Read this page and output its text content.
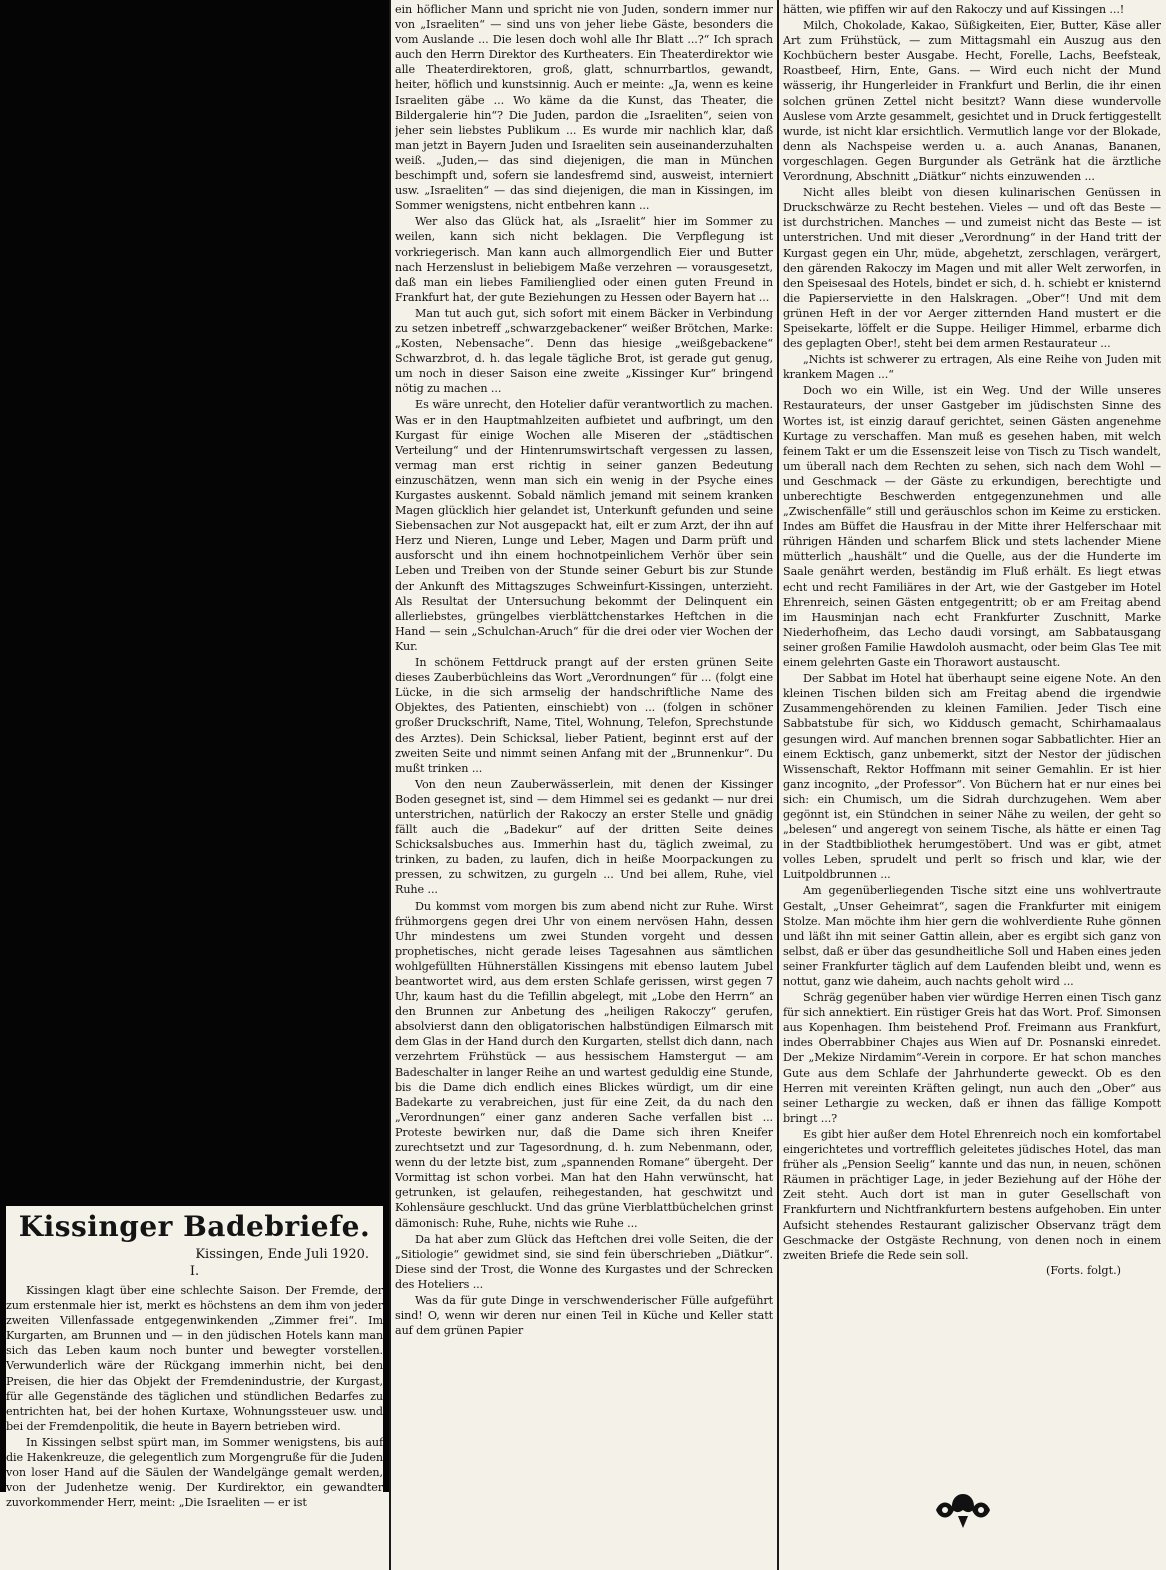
Kissinger Badebriefe.
Kissingen, Ende Juli 1920.
I.

Kissingen klagt über eine schlechte Saison. Der Fremde, der zum erstenmale hier ist, merkt es höchstens an dem ihm von jeder zweiten Villenfassade entgegenwinkenden „Zimmer frei“. Im Kurgarten, am Brunnen und — in den jüdischen Hotels kann man sich das Leben kaum noch bunter und bewegter vorstellen. Verwunderlich wäre der Rückgang immerhin nicht, bei den Preisen, die hier das Objekt der Fremdenindustrie, der Kurgast, für alle Gegenstände des täglichen und stündlichen Bedarfes zu entrichten hat, bei der hohen Kurtaxe, Wohnungssteuer usw. und bei der Fremdenpolitik, die heute in Bayern betrieben wird.

In Kissingen selbst spürt man, im Sommer wenigstens, bis auf die Hakenkreuze, die gelegentlich zum Morgengruße für die Juden von loser Hand auf die Säulen der Wandelgänge gemalt werden, von der Judenhetze wenig. Der Kurdirektor, ein gewandter zuvorkommender Herr, meint: „Die Israeliten — er ist

ein höflicher Mann und spricht nie von Juden, sondern immer nur von „Israeliten“ — sind uns von jeher liebe Gäste, besonders die vom Auslande ... Die lesen doch wohl alle Ihr Blatt ...?“ Ich sprach auch den Herrn Direktor des Kurtheaters. Ein Theaterdirektor wie alle Theaterdirektoren, groß, glatt, schnurrbartlos, gewandt, heiter, höflich und kunstsinnig. Auch er meinte: „Ja, wenn es keine Israeliten gäbe ... Wo käme da die Kunst, das Theater, die Bildergalerie hin“? Die Juden, pardon die „Israeliten“, seien von jeher sein liebstes Publikum ... Es wurde mir nachlich klar, daß man jetzt in Bayern Juden und Israeliten sein auseinanderzuhalten weiß. „Juden,— das sind diejenigen, die man in München beschimpft und, sofern sie landesfremd sind, ausweist, interniert usw. „Israeliten“ — das sind diejenigen, die man in Kissingen, im Sommer wenigstens, nicht entbehren kann ...

Wer also das Glück hat, als „Israelit“ hier im Sommer zu weilen, kann sich nicht beklagen. Die Verpflegung ist vorkriegerisch. Man kann auch allmorgendlich Eier und Butter nach Herzenslust in beliebigem Maße verzehren — vorausgesetzt, daß man ein liebes Familienglied oder einen guten Freund in Frankfurt hat, der gute Beziehungen zu Hessen oder Bayern hat ...

Man tut auch gut, sich sofort mit einem Bäcker in Verbindung zu setzen inbetreff „schwarzgebackener“ weißer Brötchen, Marke: „Kosten, Nebensache“. Denn das hiesige „weißgebackene“ Schwarzbrot, d. h. das legale tägliche Brot, ist gerade gut genug, um noch in dieser Saison eine zweite „Kissinger Kur“ bringend nötig zu machen ...

Es wäre unrecht, den Hotelier dafür verantwortlich zu machen. Was er in den Hauptmahlzeiten aufbietet und aufbringt, um den Kurgast für einige Wochen alle Miseren der „städtischen Verteilung“ und der Hintenrumswirtschaft vergessen zu lassen, vermag man erst richtig in seiner ganzen Bedeutung einzuschätzen, wenn man sich ein wenig in der Psyche eines Kurgastes auskennt. Sobald nämlich jemand mit seinem kranken Magen glücklich hier gelandet ist, Unterkunft gefunden und seine Siebensachen zur Not ausgepackt hat, eilt er zum Arzt, der ihn auf Herz und Nieren, Lunge und Leber, Magen und Darm prüft und ausforscht und ihn einem hochnotpeinlichem Verhör über sein Leben und Treiben von der Stunde seiner Geburt bis zur Stunde der Ankunft des Mittagszuges Schweinfurt-Kissingen, unterzieht. Als Resultat der Untersuchung bekommt der Delinquent ein allerliebstes, grüngelbes vierblättchenstarkes Heftchen in die Hand — sein „Schulchan-Aruch“ für die drei oder vier Wochen der Kur.

In schönem Fettdruck prangt auf der ersten grünen Seite dieses Zauberbüchleins das Wort „Verordnungen“ für ... (folgt eine Lücke, in die sich armselig der handschriftliche Name des Objektes, des Patienten, einschiebt) von ... (folgen in schöner großer Druckschrift, Name, Titel, Wohnung, Telefon, Sprechstunde des Arztes). Dein Schicksal, lieber Patient, beginnt erst auf der zweiten Seite und nimmt seinen Anfang mit der „Brunnenkur“. Du mußt trinken ...

Von den neun Zauberwässerlein, mit denen der Kissinger Boden gesegnet ist, sind — dem Himmel sei es gedankt — nur drei unterstrichen, natürlich der Rakoczy an erster Stelle und gnädig fällt auch die „Badekur“ auf der dritten Seite deines Schicksalsbuches aus. Immerhin hast du, täglich zweimal, zu trinken, zu baden, zu laufen, dich in heiße Moorpackungen zu pressen, zu schwitzen, zu gurgeln ... Und bei allem, Ruhe, viel Ruhe ...

Du kommst vom morgen bis zum abend nicht zur Ruhe. Wirst frühmorgens gegen drei Uhr von einem nervösen Hahn, dessen Uhr mindestens um zwei Stunden vorgeht und dessen prophetisches, nicht gerade leises Tagesahnen aus sämtlichen wohlgefüllten Hühnerställen Kissingens mit ebenso lautem Jubel beantwortet wird, aus dem ersten Schlafe gerissen, wirst gegen 7 Uhr, kaum hast du die Tefillin abgelegt, mit „Lobe den Herrn“ an den Brunnen zur Anbetung des „heiligen Rakoczy“ gerufen, absolvierst dann den obligatorischen halbstündigen Eilmarsch mit dem Glas in der Hand durch den Kurgarten, stellst dich dann, nach verzehrtem Frühstück — aus hessischem Hamstergut — am Badeschalter in langer Reihe an und wartest geduldig eine Stunde, bis die Dame dich endlich eines Blickes würdigt, um dir eine Badekarte zu verabreichen, just für eine Zeit, da du nach den „Verordnungen“ einer ganz anderen Sache verfallen bist ... Proteste bewirken nur, daß die Dame sich ihren Kneifer zurechtsetzt und zur Tagesordnung, d. h. zum Nebenmann, oder, wenn du der letzte bist, zum „spannenden Romane“ übergeht. Der Vormittag ist schon vorbei. Man hat den Hahn verwünscht, hat getrunken, ist gelaufen, reihegestanden, hat geschwitzt und Kohlensäure geschluckt. Und das grüne Vierblattbüchelchen grinst dämonisch: Ruhe, Ruhe, nichts wie Ruhe ...

Da hat aber zum Glück das Heftchen drei volle Seiten, die der „Sitiologie“ gewidmet sind, sie sind fein überschrieben „Diätkur“. Diese sind der Trost, die Wonne des Kurgastes und der Schrecken des Hoteliers ...

Was da für gute Dinge in verschwenderischer Fülle aufgeführt sind! O, wenn wir deren nur einen Teil in Küche und Keller statt auf dem grünen Papier

hätten, wie pfiffen wir auf den Rakoczy und auf Kissingen ...!

Milch, Chokolade, Kakao, Süßigkeiten, Eier, Butter, Käse aller Art zum Frühstück, — zum Mittagsmahl ein Auszug aus den Kochbüchern bester Ausgabe. Hecht, Forelle, Lachs, Beefsteak, Roastbeef, Hirn, Ente, Gans. — Wird euch nicht der Mund wässerig, ihr Hungerleider in Frankfurt und Berlin, die ihr einen solchen grünen Zettel nicht besitzt? Wann diese wundervolle Auslese vom Arzte gesammelt, gesichtet und in Druck fertiggestellt wurde, ist nicht klar ersichtlich. Vermutlich lange vor der Blokade, denn als Nachspeise werden u. a. auch Ananas, Bananen, vorgeschlagen. Gegen Burgunder als Getränk hat die ärztliche Verordnung, Abschnitt „Diätkur“ nichts einzuwenden ...

Nicht alles bleibt von diesen kulinarischen Genüssen in Druckschwärze zu Recht bestehen. Vieles — und oft das Beste — ist durchstrichen. Manches — und zumeist nicht das Beste — ist unterstrichen. Und mit dieser „Verordnung“ in der Hand tritt der Kurgast gegen ein Uhr, müde, abgehetzt, zerschlagen, verärgert, den gärenden Rakoczy im Magen und mit aller Welt zerworfen, in den Speisesaal des Hotels, bindet er sich, d. h. schiebt er knisternd die Papierserviette in den Halskragen. „Ober“! Und mit dem grünen Heft in der vor Aerger zitternden Hand mustert er die Speisekarte, löffelt er die Suppe. Heiliger Himmel, erbarme dich des geplagten Ober!, steht bei dem armen Restaurateur ...

„Nichts ist schwerer zu ertragen, Als eine Reihe von Juden mit krankem Magen ...“

Doch wo ein Wille, ist ein Weg. Und der Wille unseres Restaurateurs, der unser Gastgeber im jüdischsten Sinne des Wortes ist, ist einzig darauf gerichtet, seinen Gästen angenehme Kurtage zu verschaffen. Man muß es gesehen haben, mit welch feinem Takt er um die Essenszeit leise von Tisch zu Tisch wandelt, um überall nach dem Rechten zu sehen, sich nach dem Wohl — und Geschmack — der Gäste zu erkundigen, berechtigte und unberechtigte Beschwerden entgegenzunehmen und alle „Zwischenfälle“ still und geräuschlos schon im Keime zu ersticken. Indes am Büffet die Hausfrau in der Mitte ihrer Helferschaar mit rührigen Händen und scharfem Blick und stets lachender Miene mütterlich „haushält“ und die Quelle, aus der die Hunderte im Saale genährt werden, beständig im Fluß erhält. Es liegt etwas echt und recht Familiäres in der Art, wie der Gastgeber im Hotel Ehrenreich, seinen Gästen entgegentritt; ob er am Freitag abend im Hausminjan nach echt Frankfurter Zuschnitt, Marke Niederhofheim, das Lecho daudi vorsingt, am Sabbatausgang seiner großen Familie Hawdoloh ausmacht, oder beim Glas Tee mit einem gelehrten Gaste ein Thorawort austauscht.

Der Sabbat im Hotel hat überhaupt seine eigene Note. An den kleinen Tischen bilden sich am Freitag abend die irgendwie Zusammengehörenden zu kleinen Familien. Jeder Tisch eine Sabbatstube für sich, wo Kiddusch gemacht, Schirhamaalaus gesungen wird. Auf manchen brennen sogar Sabbatlichter. Hier an einem Ecktisch, ganz unbemerkt, sitzt der Nestor der jüdischen Wissenschaft, Rektor Hoffmann mit seiner Gemahlin. Er ist hier ganz incognito, „der Professor“. Von Büchern hat er nur eines bei sich: ein Chumisch, um die Sidrah durchzugehen. Wem aber gegönnt ist, ein Stündchen in seiner Nähe zu weilen, der geht so „belesen“ und angeregt von seinem Tische, als hätte er einen Tag in der Stadtbibliothek herumgestöbert. Und was er gibt, atmet volles Leben, sprudelt und perlt so frisch und klar, wie der Luitpoldbrunnen ...

Am gegenüberliegenden Tische sitzt eine uns wohlvertraute Gestalt, „Unser Geheimrat“, sagen die Frankfurter mit einigem Stolze. Man möchte ihm hier gern die wohlverdiente Ruhe gönnen und läßt ihn mit seiner Gattin allein, aber es ergibt sich ganz von selbst, daß er über das gesundheitliche Soll und Haben eines jeden seiner Frankfurter täglich auf dem Laufenden bleibt und, wenn es nottut, ganz wie daheim, auch nachts geholt wird ...

Schräg gegenüber haben vier würdige Herren einen Tisch ganz für sich annektiert. Ein rüstiger Greis hat das Wort. Prof. Simonsen aus Kopenhagen. Ihm beistehend Prof. Freimann aus Frankfurt, indes Oberrabbiner Chajes aus Wien auf Dr. Posnanski einredet. Der „Mekize Nirdamim“-Verein in corpore. Er hat schon manches Gute aus dem Schlafe der Jahrhunderte geweckt. Ob es den Herren mit vereinten Kräften gelingt, nun auch den „Ober“ aus seiner Lethargie zu wecken, daß er ihnen das fällige Kompott bringt ...?

Es gibt hier außer dem Hotel Ehrenreich noch ein komfortabel eingerichtetes und vortrefflich geleitetes jüdisches Hotel, das man früher als „Pension Seelig“ kannte und das nun, in neuen, schönen Räumen in prächtiger Lage, in jeder Beziehung auf der Höhe der Zeit steht. Auch dort ist man in guter Gesellschaft von Frankfurtern und Nichtfrankfurtern bestens aufgehoben. Ein unter Aufsicht stehendes Restaurant galizischer Observanz trägt dem Geschmacke der Ostgäste Rechnung, von denen noch in einem zweiten Briefe die Rede sein soll.

(Forts. folgt.)
